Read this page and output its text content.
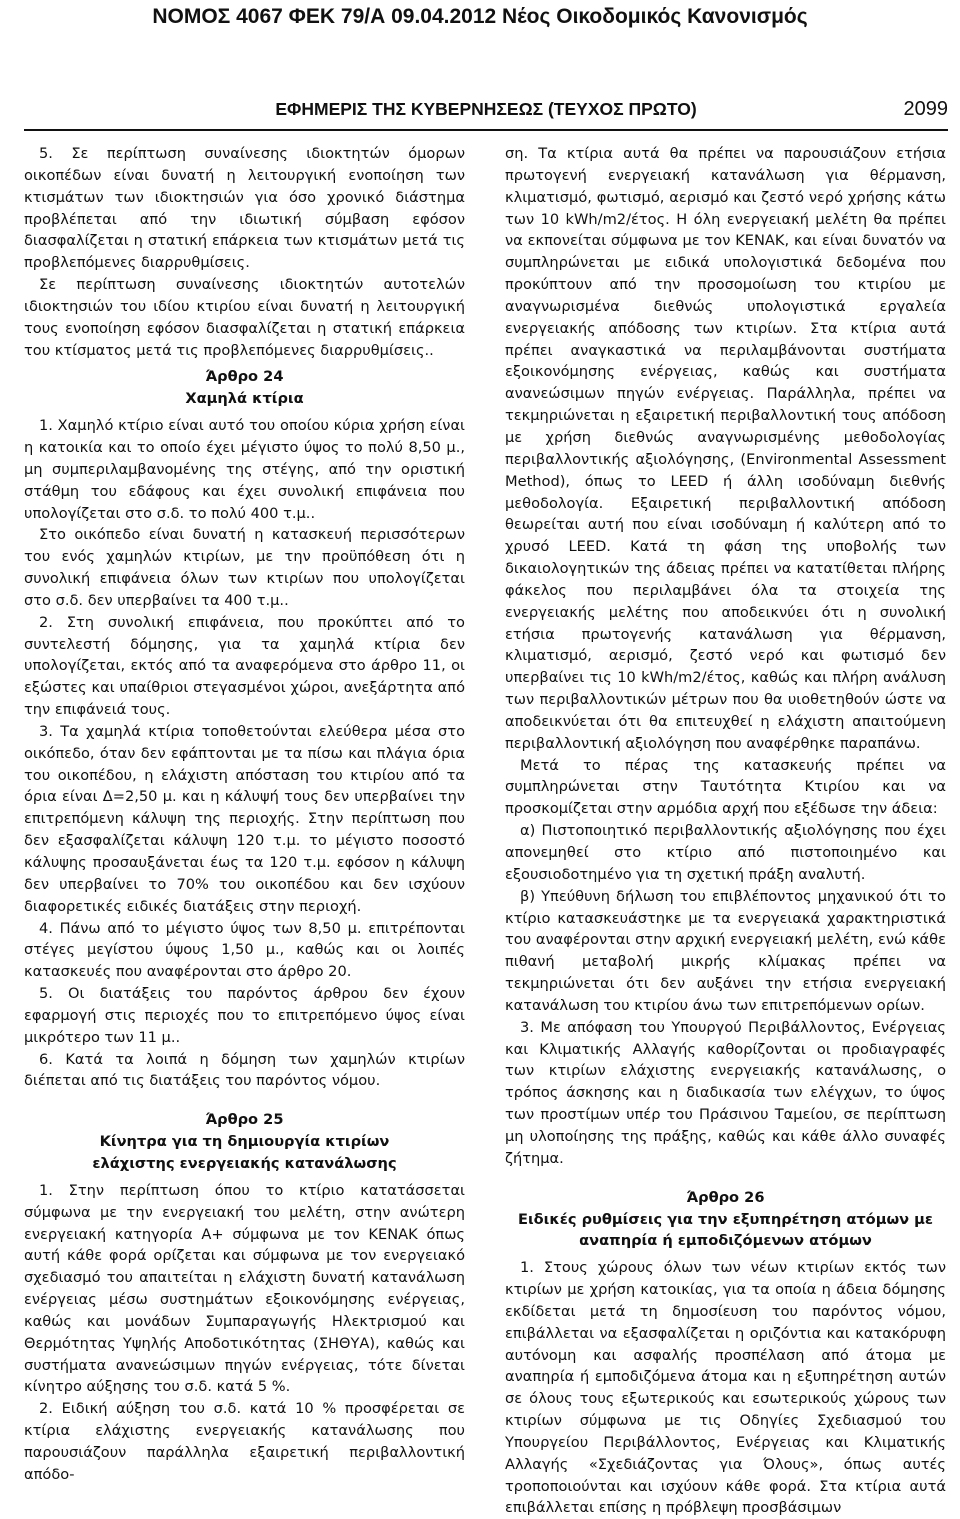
ΝΟΜΟΣ 4067 ΦΕΚ 79/Α 09.04.2012 Νέος Οικοδομικός Κανονισμός
ΕΦΗΜΕΡΙΣ ΤΗΣ ΚΥΒΕΡΝΗΣΕΩΣ (ΤΕΥΧΟΣ ΠΡΩΤΟ)	2099

5. Σε περίπτωση συναίνεσης ιδιοκτητών όμορων οικοπέδων είναι δυνατή η λειτουργική ενοποίηση των κτισμάτων των ιδιοκτησιών για όσο χρονικό διάστημα προβλέπεται από την ιδιωτική σύμβαση εφόσον διασφαλίζεται η στατική επάρκεια των κτισμάτων μετά τις προβλεπόμενες διαρρυθμίσεις.

Σε περίπτωση συναίνεσης ιδιοκτητών αυτοτελών ιδιοκτησιών του ιδίου κτιρίου είναι δυνατή η λειτουργική τους ενοποίηση εφόσον διασφαλίζεται η στατική επάρκεια του κτίσματος μετά τις προβλεπόμενες διαρρυθμίσεις..

Άρθρο 24
Χαμηλά κτίρια

1. Χαμηλό κτίριο είναι αυτό του οποίου κύρια χρήση είναι η κατοικία και το οποίο έχει μέγιστο ύψος το πολύ 8,50 μ., μη συμπεριλαμβανομένης της στέγης, από την οριστική στάθμη του εδάφους και έχει συνολική επιφάνεια που υπολογίζεται στο σ.δ. το πολύ 400 τ.μ..

Στο οικόπεδο είναι δυνατή η κατασκευή περισσότερων του ενός χαμηλών κτιρίων, με την προϋπόθεση ότι η συνολική επιφάνεια όλων των κτιρίων που υπολογίζεται στο σ.δ. δεν υπερβαίνει τα 400 τ.μ..

2. Στη συνολική επιφάνεια, που προκύπτει από το συντελεστή δόμησης, για τα χαμηλά κτίρια δεν υπολογίζεται, εκτός από τα αναφερόμενα στο άρθρο 11, οι εξώστες και υπαίθριοι στεγασμένοι χώροι, ανεξάρτητα από την επιφάνειά τους.

3. Τα χαμηλά κτίρια τοποθετούνται ελεύθερα μέσα στο οικόπεδο, όταν δεν εφάπτονται με τα πίσω και πλάγια όρια του οικοπέδου, η ελάχιστη απόσταση του κτιρίου από τα όρια είναι Δ=2,50 μ. και η κάλυψή τους δεν υπερβαίνει την επιτρεπόμενη κάλυψη της περιοχής. Στην περίπτωση που δεν εξασφαλίζεται κάλυψη 120 τ.μ. το μέγιστο ποσοστό κάλυψης προσαυξάνεται έως τα 120 τ.μ. εφόσον η κάλυψη δεν υπερβαίνει το 70% του οικοπέδου και δεν ισχύουν διαφορετικές ειδικές διατάξεις στην περιοχή.

4. Πάνω από το μέγιστο ύψος των 8,50 μ. επιτρέπονται στέγες μεγίστου ύψους 1,50 μ., καθώς και οι λοιπές κατασκευές που αναφέρονται στο άρθρο 20.

5. Οι διατάξεις του παρόντος άρθρου δεν έχουν εφαρμογή στις περιοχές που το επιτρεπόμενο ύψος είναι μικρότερο των 11 μ..

6. Κατά τα λοιπά η δόμηση των χαμηλών κτιρίων διέπεται από τις διατάξεις του παρόντος νόμου.

Άρθρο 25
Κίνητρα για τη δημιουργία κτιρίων
ελάχιστης ενεργειακής κατανάλωσης

1. Στην περίπτωση όπου το κτίριο κατατάσσεται σύμφωνα με την ενεργειακή του μελέτη, στην ανώτερη ενεργειακή κατηγορία Α+ σύμφωνα με τον ΚΕΝΑΚ όπως αυτή κάθε φορά ορίζεται και σύμφωνα με τον ενεργειακό σχεδιασμό του απαιτείται η ελάχιστη δυνατή κατανάλωση ενέργειας μέσω συστημάτων εξοικονόμησης ενέργειας, καθώς και μονάδων Συμπαραγωγής Ηλεκτρισμού και Θερμότητας Υψηλής Αποδοτικότητας (ΣΗΘΥΑ), καθώς και συστήματα ανανεώσιμων πηγών ενέργειας, τότε δίνεται κίνητρο αύξησης του σ.δ. κατά 5 %.

2. Ειδική αύξηση του σ.δ. κατά 10 % προσφέρεται σε κτίρια ελάχιστης ενεργειακής κατανάλωσης που παρουσιάζουν παράλληλα εξαιρετική περιβαλλοντική απόδο-

ση. Τα κτίρια αυτά θα πρέπει να παρουσιάζουν ετήσια πρωτογενή ενεργειακή κατανάλωση για θέρμανση, κλιματισμό, φωτισμό, αερισμό και ζεστό νερό χρήσης κάτω των 10 kWh/m2/έτος. Η όλη ενεργειακή μελέτη θα πρέπει να εκπονείται σύμφωνα με τον ΚΕΝΑΚ, και είναι δυνατόν να συμπληρώνεται με ειδικά υπολογιστικά δεδομένα που προκύπτουν από την προσομοίωση του κτιρίου με αναγνωρισμένα διεθνώς υπολογιστικά εργαλεία ενεργειακής απόδοσης των κτιρίων. Στα κτίρια αυτά πρέπει αναγκαστικά να περιλαμβάνονται συστήματα εξοικονόμησης ενέργειας, καθώς και συστήματα ανανεώσιμων πηγών ενέργειας. Παράλληλα, πρέπει να τεκμηριώνεται η εξαιρετική περιβαλλοντική τους απόδοση με χρήση διεθνώς αναγνωρισμένης μεθοδολογίας περιβαλλοντικής αξιολόγησης, (Environmental Assessment Method), όπως το LEED ή άλλη ισοδύναμη διεθνής μεθοδολογία. Εξαιρετική περιβαλλοντική απόδοση θεωρείται αυτή που είναι ισοδύναμη ή καλύτερη από το χρυσό LEED. Κατά τη φάση της υποβολής των δικαιολογητικών της άδειας πρέπει να κατατίθεται πλήρης φάκελος που περιλαμβάνει όλα τα στοιχεία της ενεργειακής μελέτης που αποδεικνύει ότι η συνολική ετήσια πρωτογενής κατανάλωση για θέρμανση, κλιματισμό, αερισμό, ζεστό νερό και φωτισμό δεν υπερβαίνει τις 10 kWh/m2/έτος, καθώς και πλήρη ανάλυση των περιβαλλοντικών μέτρων που θα υιοθετηθούν ώστε να αποδεικνύεται ότι θα επιτευχθεί η ελάχιστη απαιτούμενη περιβαλλοντική αξιολόγηση που αναφέρθηκε παραπάνω.

Μετά το πέρας της κατασκευής πρέπει να συμπληρώνεται στην Ταυτότητα Κτιρίου και να προσκομίζεται στην αρμόδια αρχή που εξέδωσε την άδεια:

α) Πιστοποιητικό περιβαλλοντικής αξιολόγησης που έχει απονεμηθεί στο κτίριο από πιστοποιημένο και εξουσιοδοτημένο για τη σχετική πράξη αναλυτή.

β) Υπεύθυνη δήλωση του επιβλέποντος μηχανικού ότι το κτίριο κατασκευάστηκε με τα ενεργειακά χαρακτηριστικά του αναφέρονται στην αρχική ενεργειακή μελέτη, ενώ κάθε πιθανή μεταβολή μικρής κλίμακας πρέπει να τεκμηριώνεται ότι δεν αυξάνει την ετήσια ενεργειακή κατανάλωση του κτιρίου άνω των επιτρεπόμενων ορίων.

3. Με απόφαση του Υπουργού Περιβάλλοντος, Ενέργειας και Κλιματικής Αλλαγής καθορίζονται οι προδιαγραφές των κτιρίων ελάχιστης ενεργειακής κατανάλωσης, ο τρόπος άσκησης και η διαδικασία των ελέγχων, το ύψος των προστίμων υπέρ του Πράσινου Ταμείου, σε περίπτωση μη υλοποίησης της πράξης, καθώς και κάθε άλλο συναφές ζήτημα.

Άρθρο 26
Ειδικές ρυθμίσεις για την εξυπηρέτηση ατόμων με
αναπηρία ή εμποδιζόμενων ατόμων

1. Στους χώρους όλων των νέων κτιρίων εκτός των κτιρίων με χρήση κατοικίας, για τα οποία η άδεια δόμησης εκδίδεται μετά τη δημοσίευση του παρόντος νόμου, επιβάλλεται να εξασφαλίζεται η οριζόντια και κατακόρυφη αυτόνομη και ασφαλής προσπέλαση από άτομα με αναπηρία ή εμποδιζόμενα άτομα και η εξυπηρέτηση αυτών σε όλους τους εξωτερικούς και εσωτερικούς χώρους των κτιρίων σύμφωνα με τις Οδηγίες Σχεδιασμού του Υπουργείου Περιβάλλοντος, Ενέργειας και Κλιματικής Αλλαγής «Σχεδιάζοντας για Όλους», όπως αυτές τροποποιούνται και ισχύουν κάθε φορά. Στα κτίρια αυτά επιβάλλεται επίσης η πρόβλεψη προσβάσιμων
